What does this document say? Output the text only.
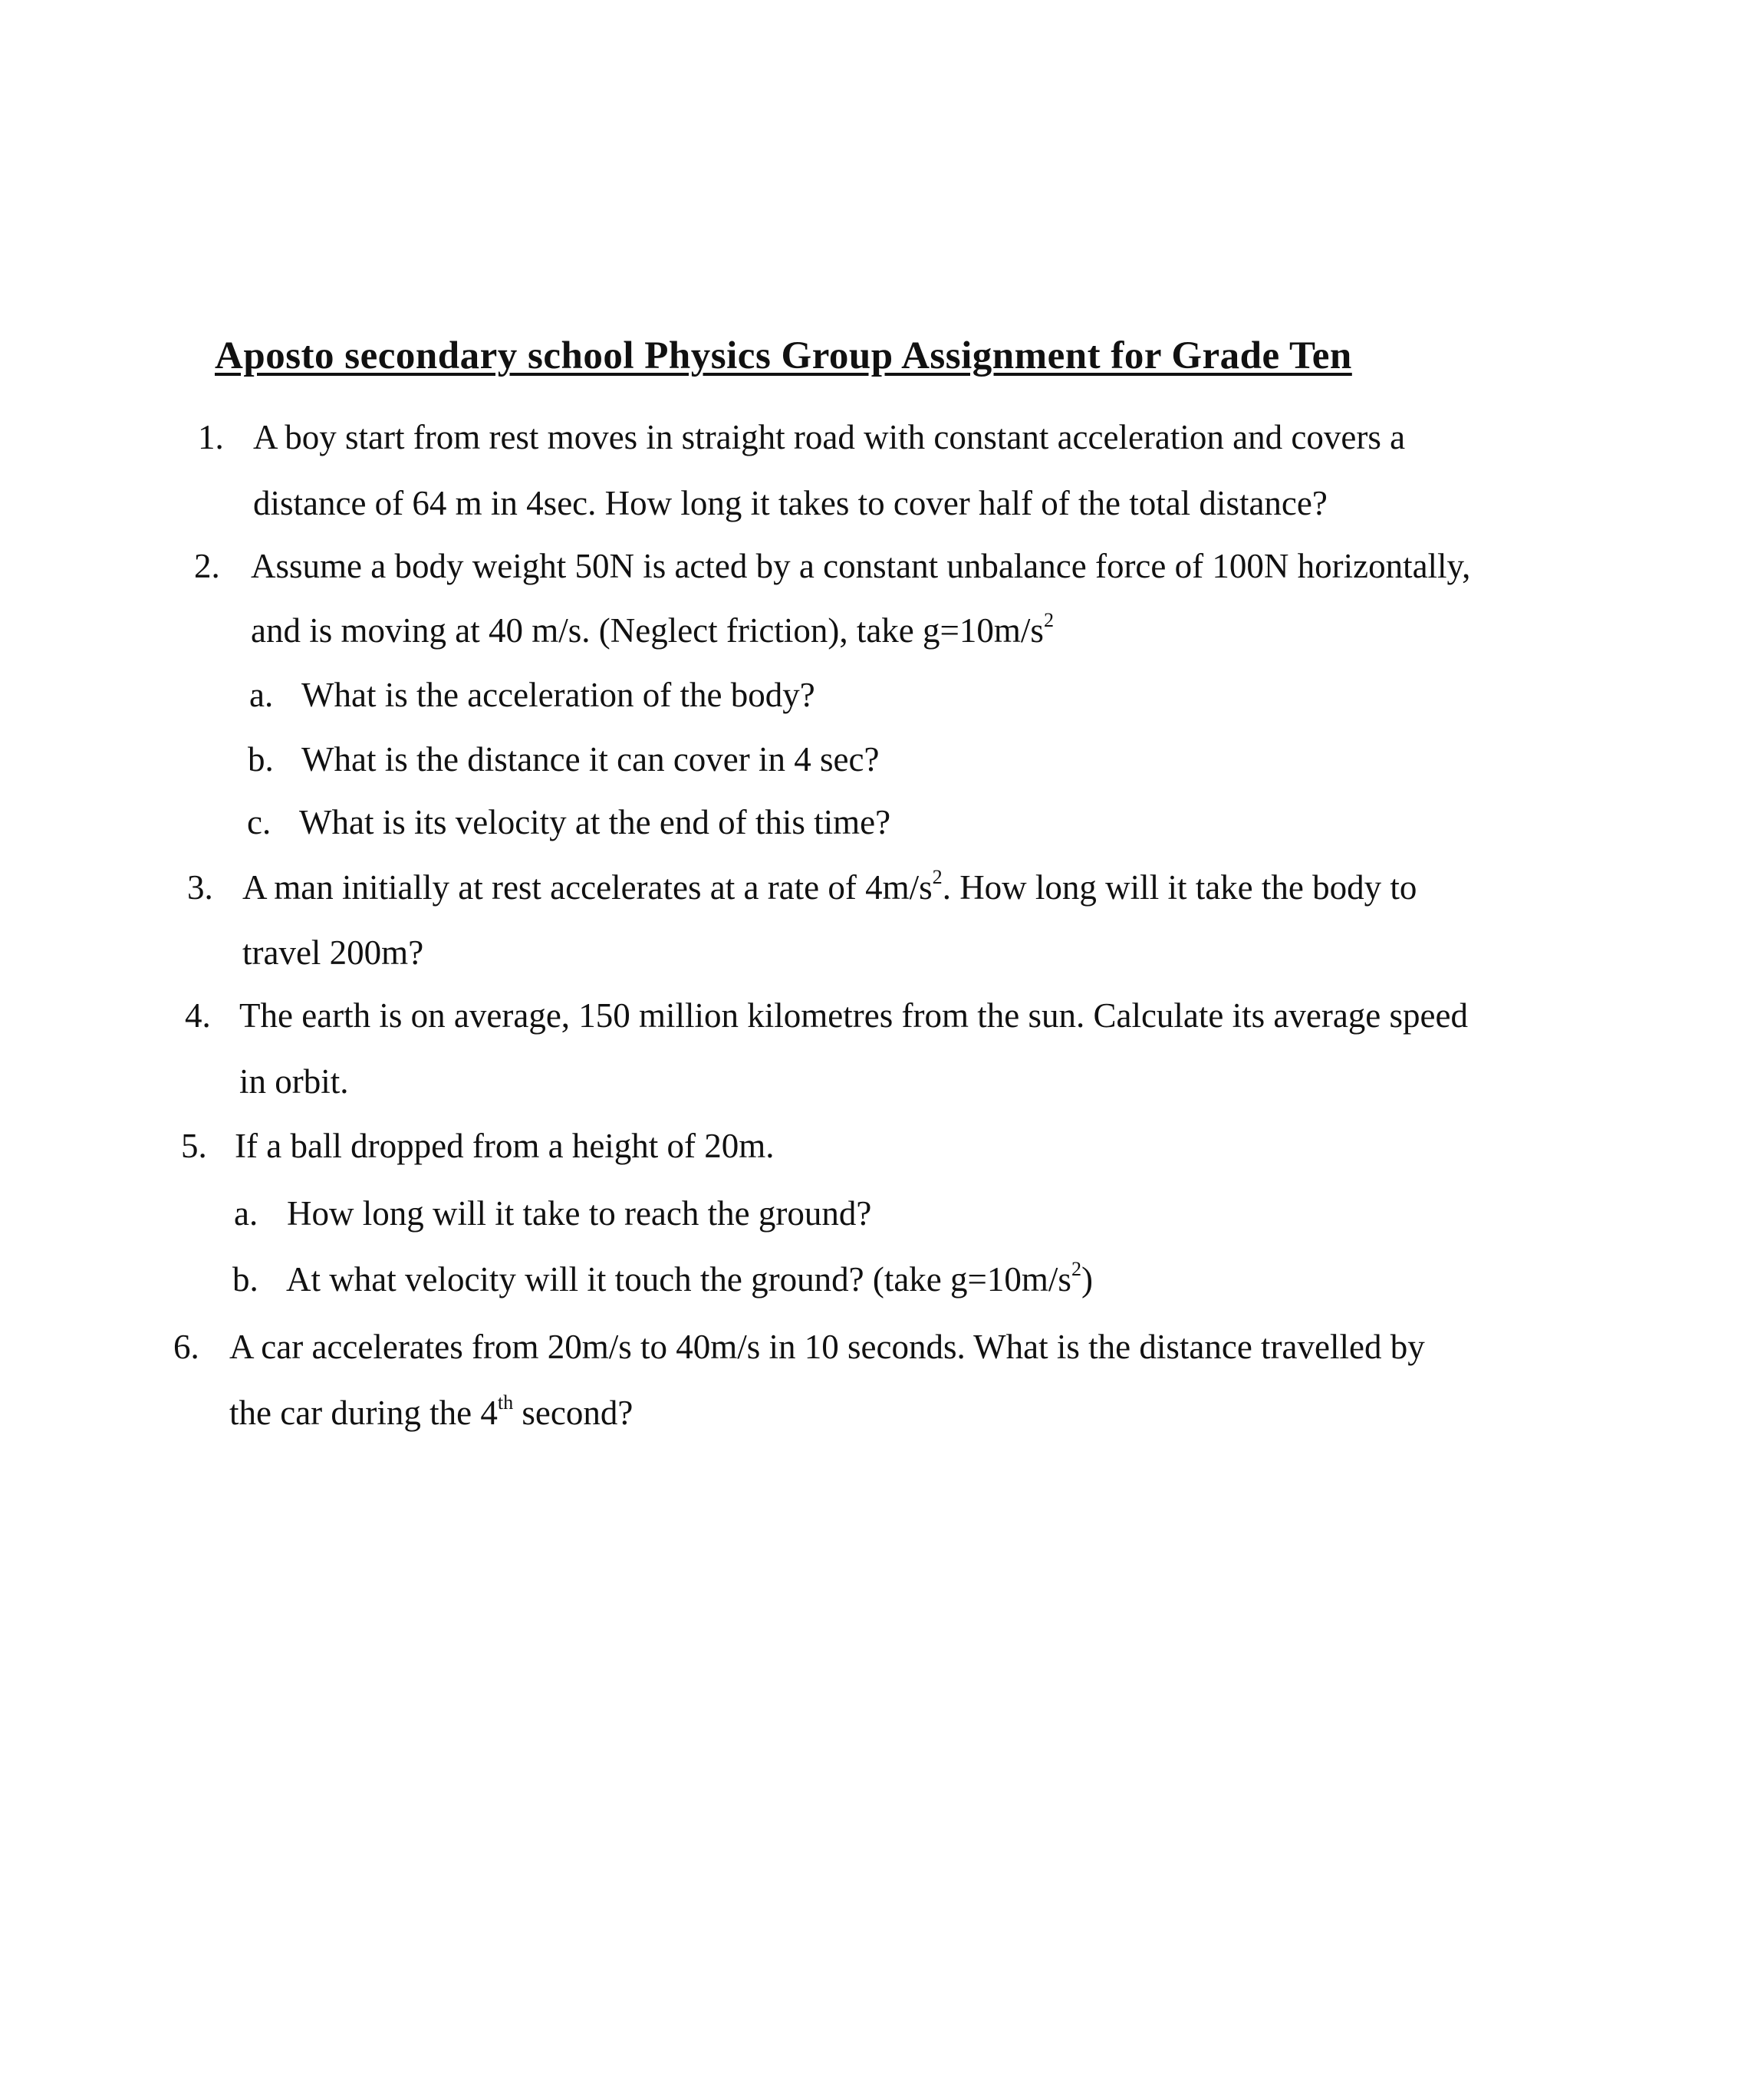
Aposto secondary school Physics Group Assignment for Grade Ten
1. A boy start from rest moves in straight road with constant acceleration and covers a
distance of 64 m in 4sec. How long it takes to cover half of the total distance?
2. Assume a body weight 50N is acted by a constant unbalance force of 100N horizontally,
and is moving at 40 m/s. (Neglect friction), take $g=10m/s^2$
a. What is the acceleration of the body?
b. What is the distance it can cover in 4 sec?
c. What is its velocity at the end of this time?
3. A man initially at rest accelerates at a rate of $4m/s^2$. How long will it take the body to
travel 200m?
4. The earth is on average, 150 million kilometres from the sun. Calculate its average speed
in orbit.
5. If a ball dropped from a height of 20m.
a. How long will it take to reach the ground?
b. At what velocity will it touch the ground? (take $g=10m/s^2$)
6. A car accelerates from 20m/s to 40m/s in 10 seconds. What is the distance travelled by
the car during the 4th second?
